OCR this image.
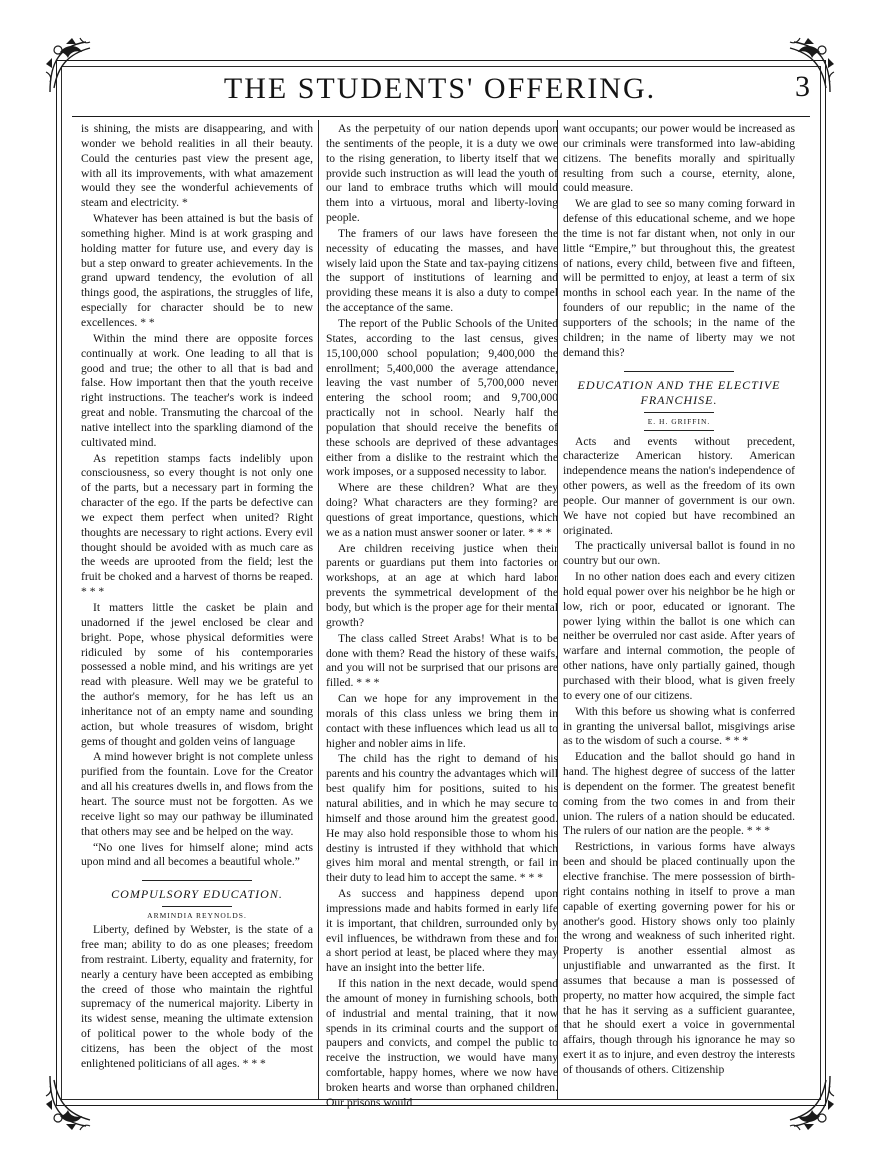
THE STUDENTS' OFFERING.	3

is shining, the mists are disappearing, and with wonder we behold realities in all their beauty. Could the centuries past view the present age, with all its improvements, with what amazement would they see the wonderful achievements of steam and electricity. *

Whatever has been attained is but the basis of something higher. Mind is at work grasping and holding matter for future use, and every day is but a step onward to greater achievements. In the grand upward tendency, the evolution of all things good, the aspirations, the struggles of life, especially for character should be to new excellences. * *

Within the mind there are opposite forces continually at work. One leading to all that is good and true; the other to all that is bad and false. How important then that the youth receive right instructions. The teacher's work is indeed great and noble. Transmuting the charcoal of the native intellect into the sparkling diamond of the cultivated mind.

As repetition stamps facts indelibly upon consciousness, so every thought is not only one of the parts, but a necessary part in forming the character of the ego. If the parts be defective can we expect them perfect when united? Right thoughts are necessary to right actions. Every evil thought should be avoided with as much care as the weeds are uprooted from the field; lest the fruit be choked and a harvest of thorns be reaped. * * *

It matters little the casket be plain and unadorned if the jewel enclosed be clear and bright. Pope, whose physical deformities were ridiculed by some of his contemporaries possessed a noble mind, and his writings are yet read with pleasure. Well may we be grateful to the author's memory, for he has left us an inheritance not of an empty name and sounding action, but whole treasures of wisdom, bright gems of thought and golden veins of language

A mind however bright is not complete unless purified from the fountain. Love for the Creator and all his creatures dwells in, and flows from the heart. The source must not be forgotten. As we receive light so may our pathway be illuminated that others may see and be helped on the way.

“No one lives for himself alone; mind acts upon mind and all becomes a beautiful whole.”

COMPULSORY EDUCATION.
ARMINDIA REYNOLDS.

Liberty, defined by Webster, is the state of a free man; ability to do as one pleases; freedom from restraint. Liberty, equality and fraternity, for nearly a century have been accepted as embibing the creed of those who maintain the rightful supremacy of the numerical majority. Liberty in its widest sense, meaning the ultimate extension of political power to the whole body of the citizens, has been the object of the most enlightened politicians of all ages. * * *

As the perpetuity of our nation depends upon the sentiments of the people, it is a duty we owe to the rising generation, to liberty itself that we provide such instruction as will lead the youth of our land to embrace truths which will mould them into a virtuous, moral and liberty-loving people.

The framers of our laws have foreseen the necessity of educating the masses, and have wisely laid upon the State and tax-paying citizens the support of institutions of learning and providing these means it is also a duty to compel the acceptance of the same.

The report of the Public Schools of the United States, according to the last census, gives 15,100,000 school population; 9,400,000 the enrollment; 5,400,000 the average attendance, leaving the vast number of 5,700,000 never entering the school room; and 9,700,000 practically not in school. Nearly half the population that should receive the benefits of these schools are deprived of these advantages either from a dislike to the restraint which the work imposes, or a supposed necessity to labor.

Where are these children? What are they doing? What characters are they forming? are questions of great importance, questions, which we as a nation must answer sooner or later. * * *

Are children receiving justice when their parents or guardians put them into factories or workshops, at an age at which hard labor prevents the symmetrical development of the body, but which is the proper age for their mental growth?

The class called Street Arabs! What is to be done with them? Read the history of these waifs, and you will not be surprised that our prisons are filled. * * *

Can we hope for any improvement in the morals of this class unless we bring them in contact with these influences which lead us all to higher and nobler aims in life.

The child has the right to demand of his parents and his country the advantages which will best qualify him for positions, suited to his natural abilities, and in which he may secure to himself and those around him the greatest good. He may also hold responsible those to whom his destiny is intrusted if they withhold that which gives him moral and mental strength, or fail in their duty to lead him to accept the same. * * *

As success and happiness depend upon impressions made and habits formed in early life it is important, that children, surrounded only by evil influences, be withdrawn from these and for a short period at least, be placed where they may have an insight into the better life.

If this nation in the next decade, would spend the amount of money in furnishing schools, both of industrial and mental training, that it now spends in its criminal courts and the support of paupers and convicts, and compel the public to receive the instruction, we would have many comfortable, happy homes, where we now have broken hearts and worse than orphaned children. Our prisons would

want occupants; our power would be increased as our criminals were transformed into law-abiding citizens. The benefits morally and spiritually resulting from such a course, eternity, alone, could measure.

We are glad to see so many coming forward in defense of this educational scheme, and we hope the time is not far distant when, not only in our little “Empire,” but throughout this, the greatest of nations, every child, between five and fifteen, will be permitted to enjoy, at least a term of six months in school each year. In the name of the founders of our republic; in the name of the supporters of the schools; in the name of the children; in the name of liberty may we not demand this?

EDUCATION AND THE ELECTIVE FRANCHISE.
E. H. GRIFFIN.

Acts and events without precedent, characterize American history. American independence means the nation's independence of other powers, as well as the freedom of its own people. Our manner of government is our own. We have not copied but have recombined an originated.

The practically universal ballot is found in no country but our own.

In no other nation does each and every citizen hold equal power over his neighbor be he high or low, rich or poor, educated or ignorant. The power lying within the ballot is one which can neither be overruled nor cast aside. After years of warfare and internal commotion, the people of other nations, have only partially gained, though purchased with their blood, what is given freely to every one of our citizens.

With this before us showing what is conferred in granting the universal ballot, misgivings arise as to the wisdom of such a course. * * *

Education and the ballot should go hand in hand. The highest degree of success of the latter is dependent on the former. The greatest benefit coming from the two comes in and from their union. The rulers of a nation should be educated. The rulers of our nation are the people. * * *

Restrictions, in various forms have always been and should be placed continually upon the elective franchise. The mere possession of birth-right contains nothing in itself to prove a man capable of exerting governing power for his or another's good. History shows only too plainly the wrong and weakness of such inherited right. Property is another essential almost as unjustifiable and unwarranted as the first. It assumes that because a man is possessed of property, no matter how acquired, the simple fact that he has it serving as a sufficient guarantee, that he should exert a voice in governmental affairs, though through his ignorance he may so exert it as to injure, and even destroy the interests of thousands of others. Citizenship
